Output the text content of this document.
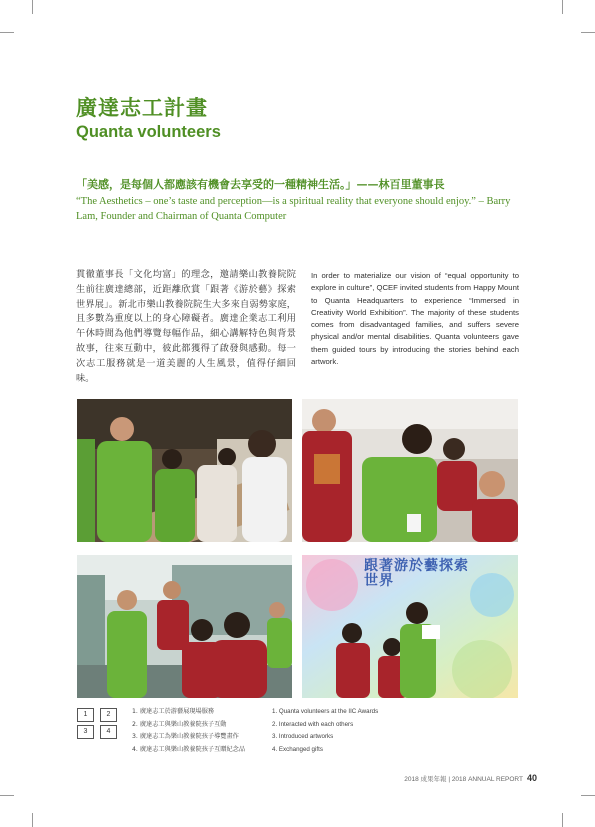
廣達志工計畫
Quanta volunteers
「美感，是每個人都應該有機會去享受的一種精神生活。」——林百里董事長
“The Aesthetics – one’s taste and perception—is a spiritual reality that everyone should enjoy.” – Barry Lam, Founder and Chairman of Quanta Computer
貫徹董事長「文化均富」的理念，邀請樂山教養院院生前往廣達總部，近距離欣賞「跟著《游於藝》探索世界展」。新北市樂山教養院院生大多來自弱勢家庭，且多數為重度以上的身心障礙者。廣達企業志工利用午休時間為他們導覽每幅作品，細心講解特色與背景故事，往來互動中，彼此都獲得了啟發與感動。每一次志工服務就是一道美麗的人生風景，值得仔細回味。
In order to materialize our vision of “equal opportunity to explore in culture”, QCEF invited students from Happy Mount to Quanta Headquarters to experience “Immersed in Creativity World Exhibition”. The majority of these students comes from disadvantaged families, and suffers severe physical and/or mental disabilities. Quanta volunteers gave them guided tours by introducing the stories behind each artwork.
跟著游於藝探索世界
1	2
3	4
1. 廣達志工於游藝展現場服務
2. 廣達志工與樂山教養院孩子互動
3. 廣達志工為樂山教養院孩子導覽畫作
4. 廣達志工與樂山教養院孩子互贈紀念品
1. Quanta volunteers at the IIC Awards
2. Interacted with each others
3. Introduced artworks
4. Exchanged gifts
2018 成果年報 | 2018 ANNUAL REPORT 40
